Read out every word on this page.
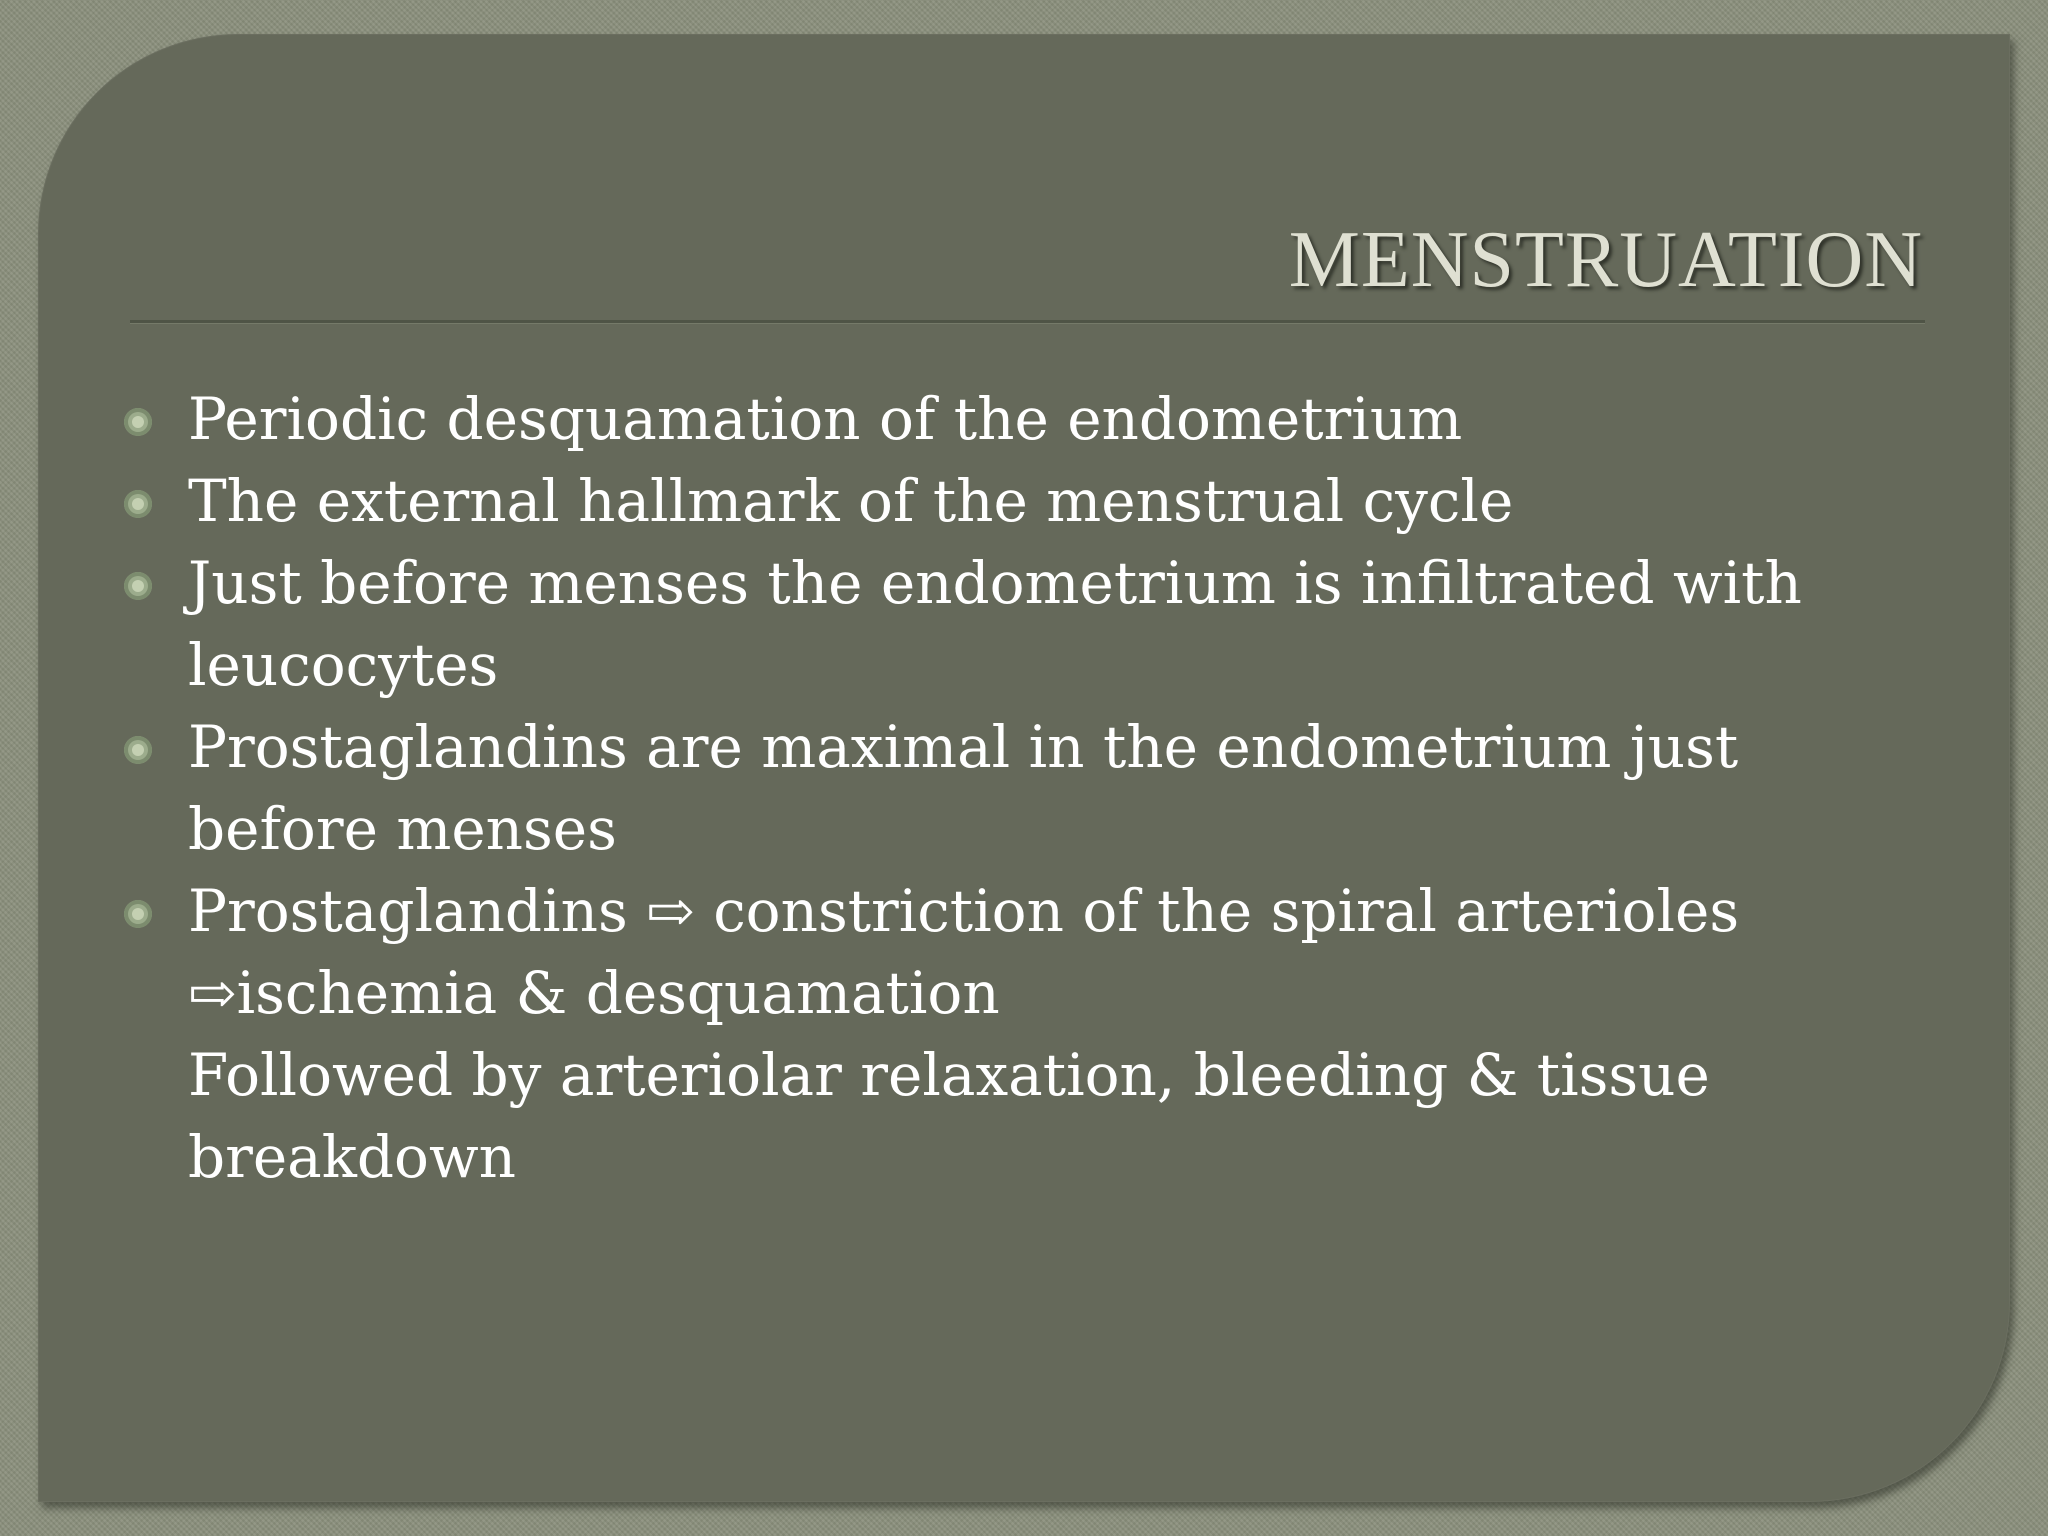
MENSTRUATION
Periodic desquamation of the endometrium
The external hallmark of the menstrual cycle
Just before menses the endometrium is infiltrated with
leucocytes
Prostaglandins are maximal in the endometrium just
before menses
Prostaglandins ⇨ constriction of the spiral arterioles
⇨ischemia & desquamation
Followed by arteriolar relaxation, bleeding & tissue
breakdown
